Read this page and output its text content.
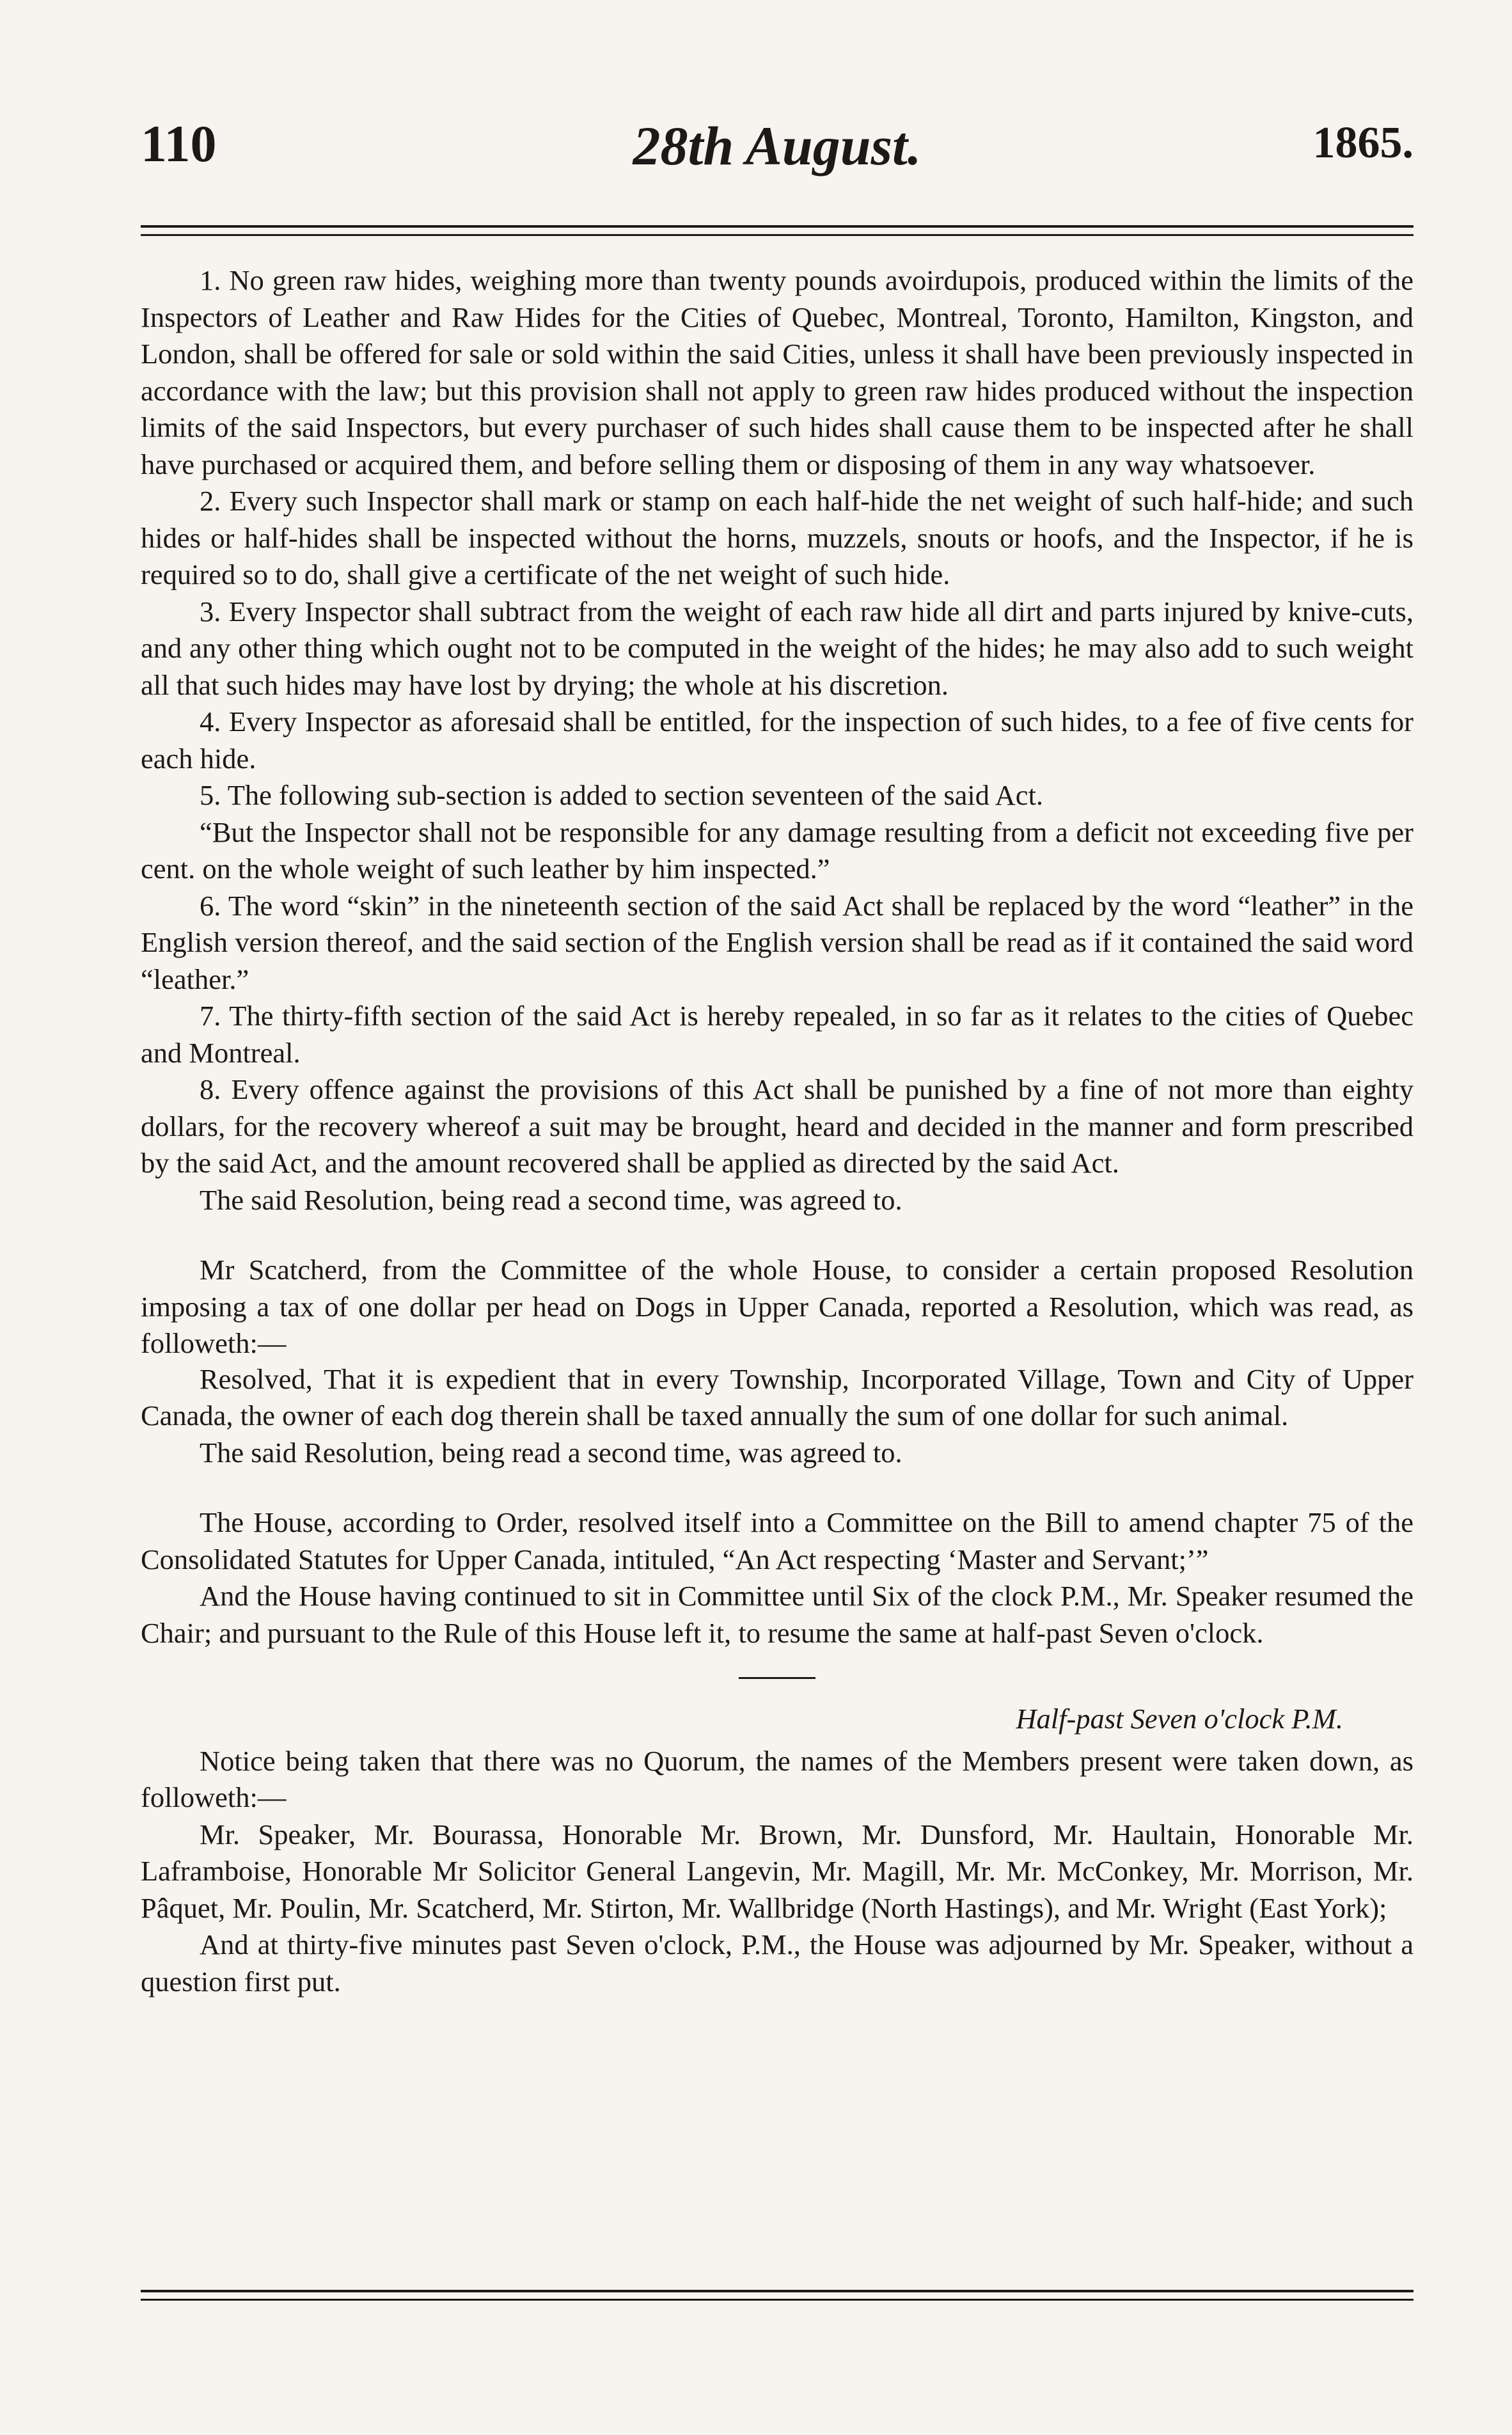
110	28th August.	1865.

1. No green raw hides, weighing more than twenty pounds avoirdupois, produced within the limits of the Inspectors of Leather and Raw Hides for the Cities of Quebec, Montreal, Toronto, Hamilton, Kingston, and London, shall be offered for sale or sold within the said Cities, unless it shall have been previously inspected in accordance with the law; but this provision shall not apply to green raw hides produced without the inspection limits of the said Inspectors, but every purchaser of such hides shall cause them to be inspected after he shall have purchased or acquired them, and before selling them or disposing of them in any way whatsoever.

2. Every such Inspector shall mark or stamp on each half-hide the net weight of such half-hide; and such hides or half-hides shall be inspected without the horns, muzzels, snouts or hoofs, and the Inspector, if he is required so to do, shall give a certificate of the net weight of such hide.

3. Every Inspector shall subtract from the weight of each raw hide all dirt and parts injured by knive-cuts, and any other thing which ought not to be computed in the weight of the hides; he may also add to such weight all that such hides may have lost by drying; the whole at his discretion.

4. Every Inspector as aforesaid shall be entitled, for the inspection of such hides, to a fee of five cents for each hide.

5. The following sub-section is added to section seventeen of the said Act.

“But the Inspector shall not be responsible for any damage resulting from a deficit not exceeding five per cent. on the whole weight of such leather by him inspected.”

6. The word “skin” in the nineteenth section of the said Act shall be replaced by the word “leather” in the English version thereof, and the said section of the English version shall be read as if it contained the said word “leather.”

7. The thirty-fifth section of the said Act is hereby repealed, in so far as it relates to the cities of Quebec and Montreal.

8. Every offence against the provisions of this Act shall be punished by a fine of not more than eighty dollars, for the recovery whereof a suit may be brought, heard and decided in the manner and form prescribed by the said Act, and the amount recovered shall be applied as directed by the said Act.

The said Resolution, being read a second time, was agreed to.

Mr Scatcherd, from the Committee of the whole House, to consider a certain proposed Resolution imposing a tax of one dollar per head on Dogs in Upper Canada, reported a Resolution, which was read, as followeth:—

Resolved, That it is expedient that in every Township, Incorporated Village, Town and City of Upper Canada, the owner of each dog therein shall be taxed annually the sum of one dollar for such animal.

The said Resolution, being read a second time, was agreed to.

The House, according to Order, resolved itself into a Committee on the Bill to amend chapter 75 of the Consolidated Statutes for Upper Canada, intituled, “An Act respecting ‘Master and Servant;’”

And the House having continued to sit in Committee until Six of the clock P.M., Mr. Speaker resumed the Chair; and pursuant to the Rule of this House left it, to resume the same at half-past Seven o'clock.

Half-past Seven o'clock P.M.

Notice being taken that there was no Quorum, the names of the Members present were taken down, as followeth:—

Mr. Speaker, Mr. Bourassa, Honorable Mr. Brown, Mr. Dunsford, Mr. Haultain, Honorable Mr. Laframboise, Honorable Mr Solicitor General Langevin, Mr. Magill, Mr. Mr. McConkey, Mr. Morrison, Mr. Pâquet, Mr. Poulin, Mr. Scatcherd, Mr. Stirton, Mr. Wallbridge (North Hastings), and Mr. Wright (East York);

And at thirty-five minutes past Seven o'clock, P.M., the House was adjourned by Mr. Speaker, without a question first put.
